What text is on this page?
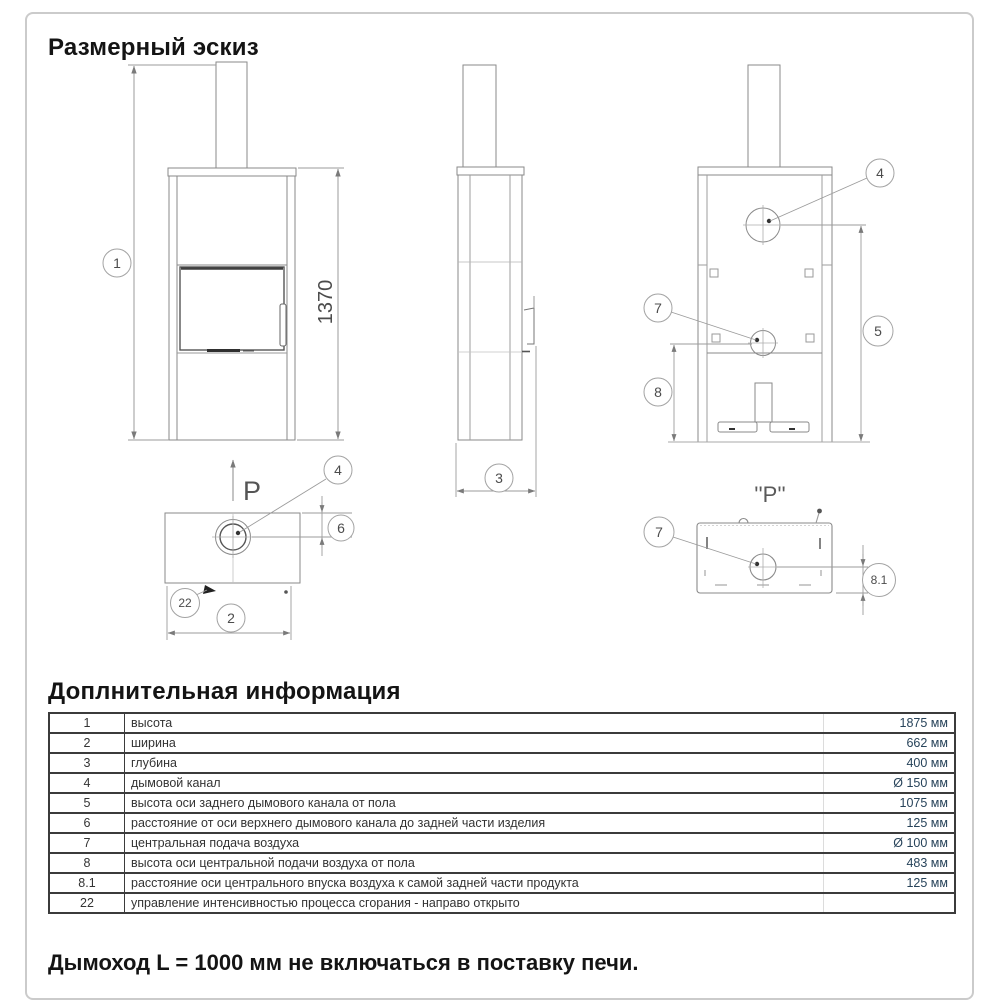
Размерный эскиз
1
1370
P
4
6
22
2
3
4
7
5
8
''P''
7
8.1
Доплнительная информация
1	высота	1875 мм
2	ширина	662 мм
3	глубина	400 мм
4	дымовой канал	Ø 150 мм
5	высота оси заднего дымового канала от пола	1075 мм
6	расстояние от оси верхнего дымового канала до задней части изделия	125 мм
7	центральная подача воздуха	Ø 100 мм
8	высота оси центральной подачи воздуха от пола	483 мм
8.1	расстояние оси центрального впуска воздуха к самой задней части продукта	125 мм
22	управление интенсивностью процесса сгорания - направо открыто	

Дымоход L = 1000 мм не включаться в поставку печи.
